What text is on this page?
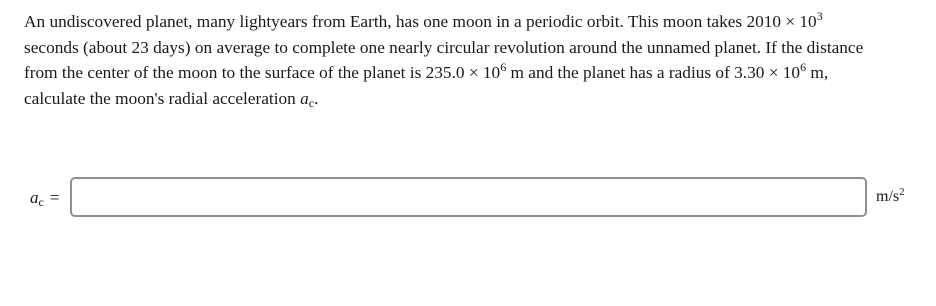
An undiscovered planet, many lightyears from Earth, has one moon in a periodic orbit. This moon takes $2010 \times 10^3$
seconds (about 23 days) on average to complete one nearly circular revolution around the unnamed planet. If the distance
from the center of the moon to the surface of the planet is $235.0 \times 10^6$ m and the planet has a radius of $3.30 \times 10^6$ m,
calculate the moon's radial acceleration $a_c$.

$a_c$ =	$m/s^2$
